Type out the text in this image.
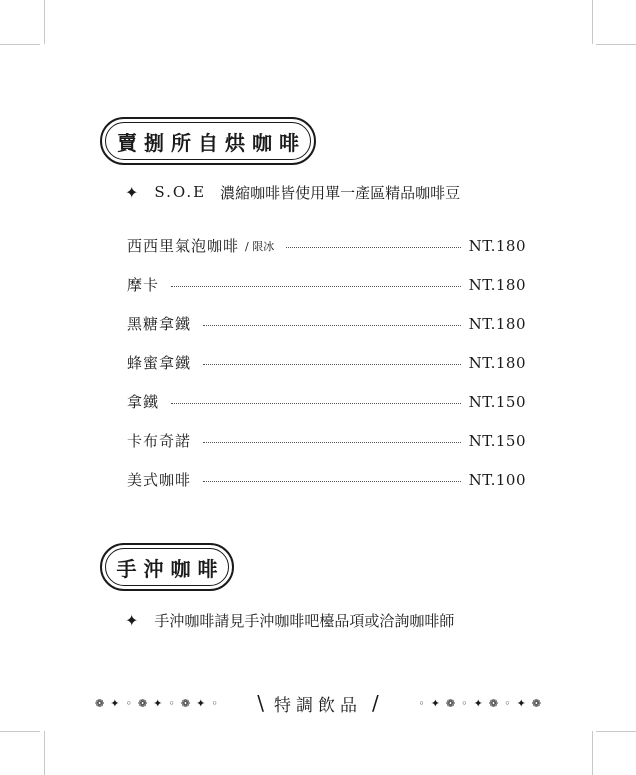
賣捌所自烘咖啡
✦ S.O.E 濃縮咖啡皆使用單一產區精品咖啡豆
西西里氣泡咖啡 / 限冰	NT.180
摩卡	NT.180
黑糖拿鐵	NT.180
蜂蜜拿鐵	NT.180
拿鐵	NT.150
卡布奇諾	NT.150
美式咖啡	NT.100
手沖咖啡
✦ 手沖咖啡請見手沖咖啡吧檯品項或洽詢咖啡師
❁ ✦ ◦ ❁ ✦ ◦ ❁ ✦ ◦ \ 特調飲品 /	◦ ✦ ❁ ◦ ✦ ❁ ◦ ✦ ❁
